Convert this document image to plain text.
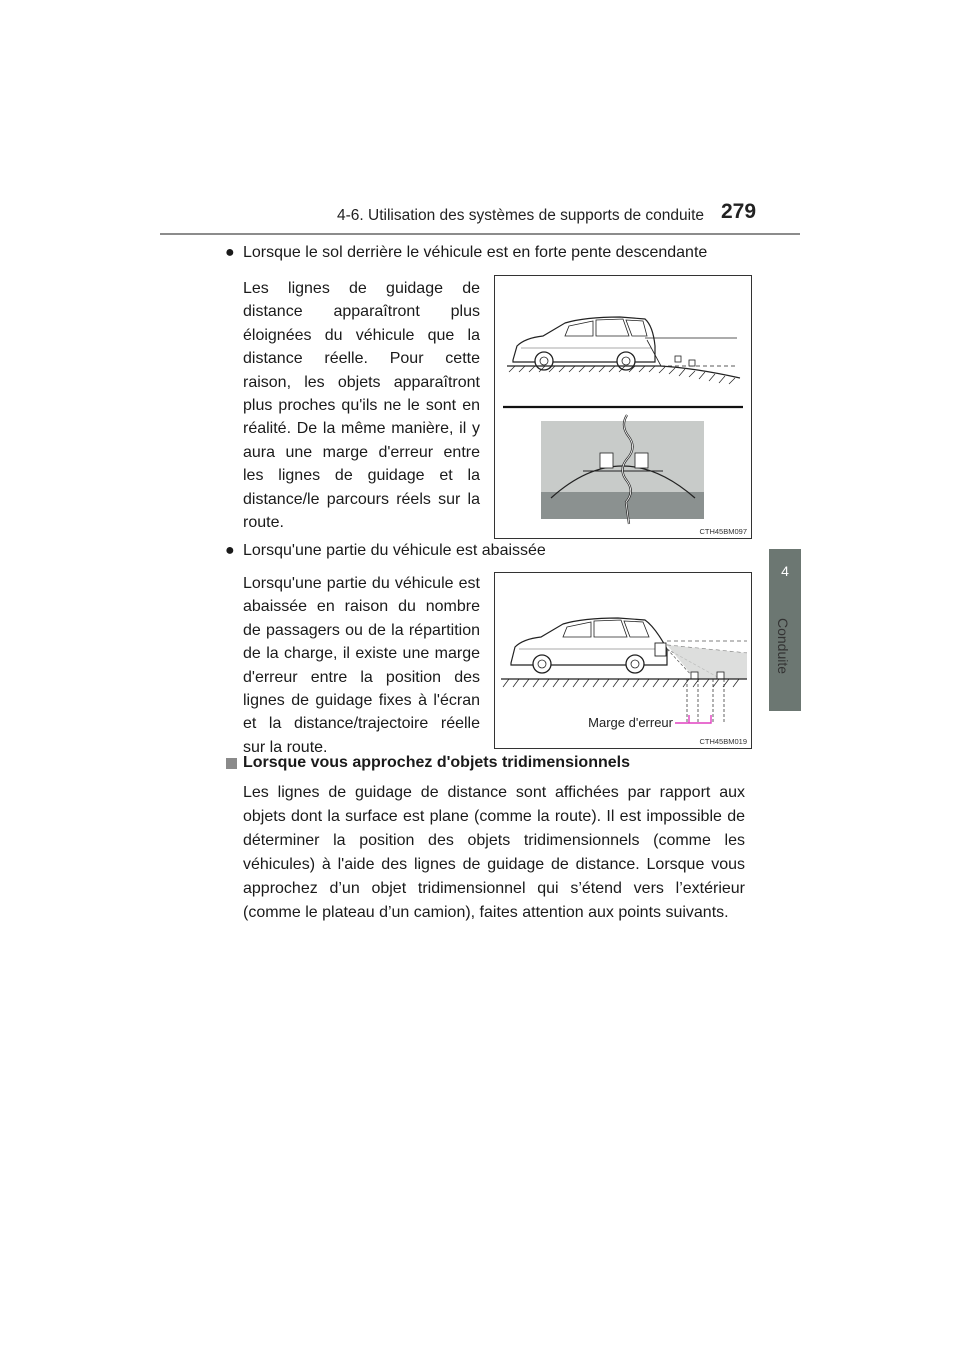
4-6. Utilisation des systèmes de supports de conduite 279
4
Conduite
● Lorsque le sol derrière le véhicule est en forte pente descendante
Les lignes de guidage de distance apparaîtront plus éloignées du véhicule que la distance réelle. Pour cette raison, les objets apparaîtront plus proches qu'ils ne le sont en réalité. De la même manière, il y aura une marge d'erreur entre les lignes de guidage et la distance/le parcours réels sur la route.
CTH45BM097
● Lorsqu'une partie du véhicule est abaissée
Lorsqu'une partie du véhicule est abaissée en raison du nombre de passagers ou de la répartition de la charge, il existe une marge d'erreur entre la position des lignes de guidage fixes à l'écran et la distance/trajectoire réelle sur la route.
Marge d'erreur
CTH45BM019
Lorsque vous approchez d'objets tridimensionnels
Les lignes de guidage de distance sont affichées par rapport aux objets dont la surface est plane (comme la route). Il est impossible de déterminer la position des objets tridimensionnels (comme les véhicules) à l'aide des lignes de guidage de distance. Lorsque vous approchez d’un objet tridimensionnel qui s’étend vers l’extérieur (comme le plateau d’un camion), faites attention aux points suivants.
